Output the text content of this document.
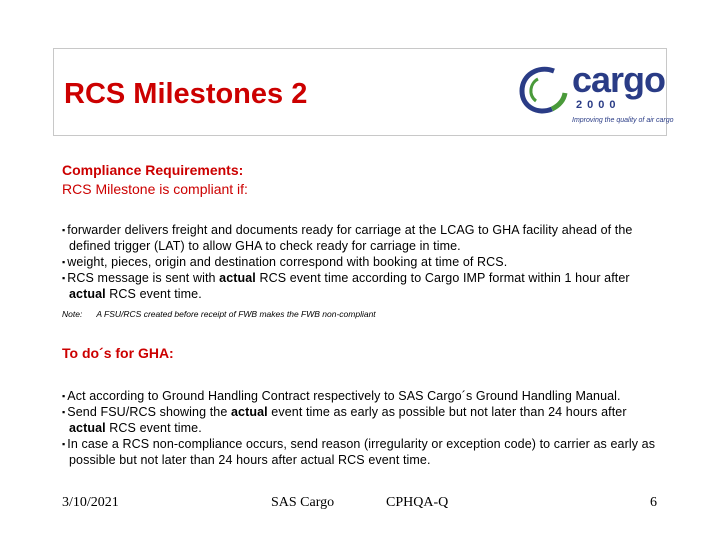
RCS Milestones 2	cargo
2000
Improving the quality of air cargo
Compliance Requirements:
RCS Milestone is compliant if:
▪ forwarder delivers freight and documents ready for carriage at the LCAG to GHA facility ahead of the defined trigger (LAT) to allow GHA to check ready for carriage in time.
▪ weight, pieces, origin and destination correspond with booking at time of RCS.
▪ RCS message is sent with actual RCS event time according to Cargo IMP format within 1 hour after actual RCS event time.
Note: A FSU/RCS created before receipt of FWB makes the FWB non-compliant
To do´s for GHA:
▪ Act according to Ground Handling Contract respectively to SAS Cargo´s Ground Handling Manual.
▪ Send FSU/RCS showing the actual event time as early as possible but not later than 24 hours after actual RCS event time.
▪ In case a RCS non-compliance occurs, send reason (irregularity or exception code) to carrier as early as possible but not later than 24 hours after actual RCS event time.
3/10/2021	SAS Cargo	CPHQA-Q	6
